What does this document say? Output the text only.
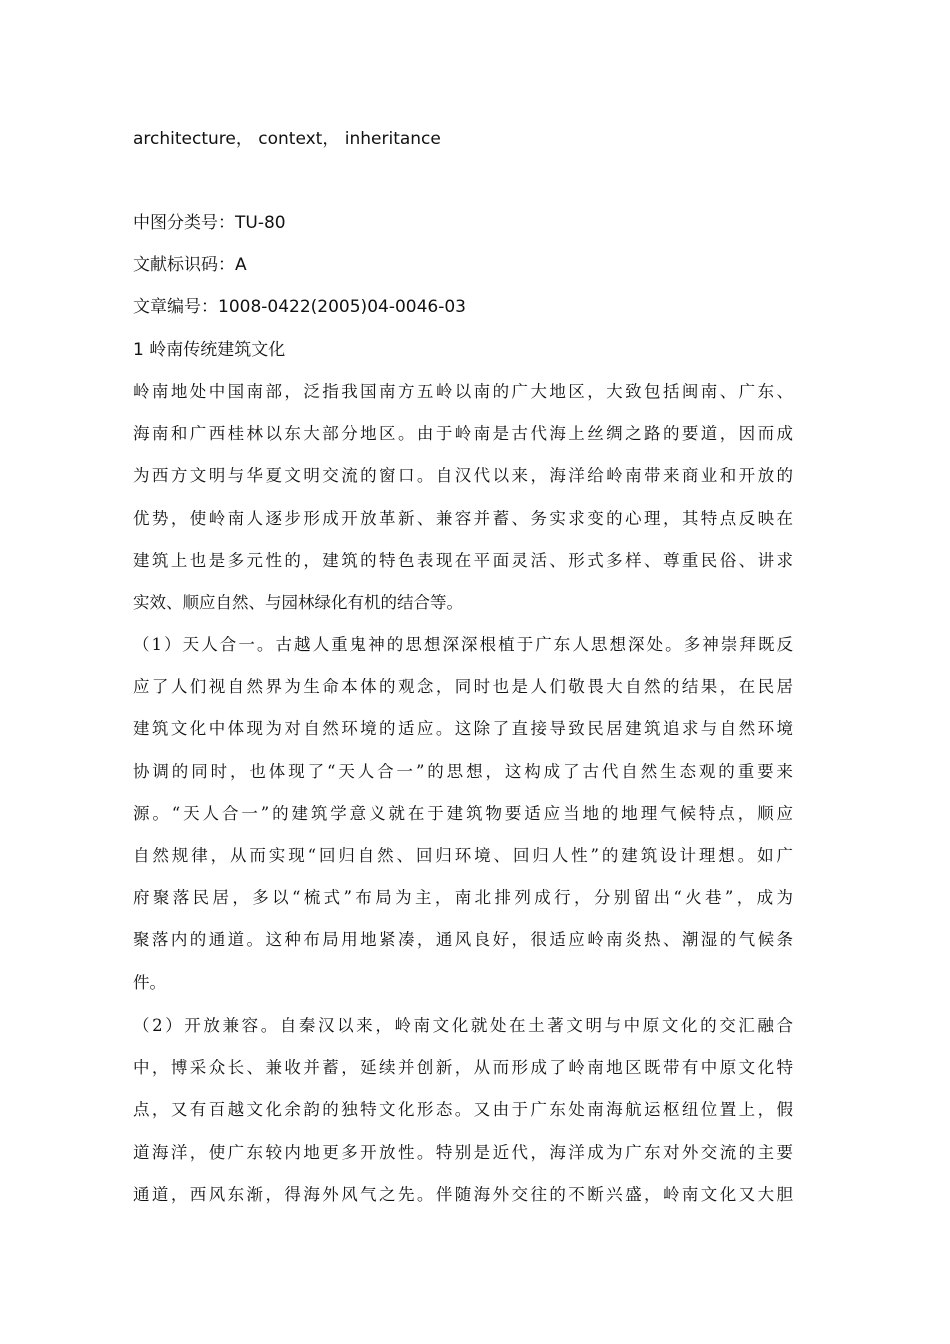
architecture， context， inheritance
中图分类号：TU-80
文献标识码：A
文章编号：1008-0422(2005)04-0046-03
1 岭南传统建筑文化
岭南地处中国南部，泛指我国南方五岭以南的广大地区，大致包括闽南、广东、
海南和广西桂林以东大部分地区。由于岭南是古代海上丝绸之路的要道，因而成
为西方文明与华夏文明交流的窗口。自汉代以来，海洋给岭南带来商业和开放的
优势，使岭南人逐步形成开放革新、兼容并蓄、务实求变的心理，其特点反映在
建筑上也是多元性的，建筑的特色表现在平面灵活、形式多样、尊重民俗、讲求
实效、顺应自然、与园林绿化有机的结合等。
（1）天人合一。古越人重鬼神的思想深深根植于广东人思想深处。多神崇拜既反
应了人们视自然界为生命本体的观念，同时也是人们敬畏大自然的结果，在民居
建筑文化中体现为对自然环境的适应。这除了直接导致民居建筑追求与自然环境
协调的同时，也体现了“天人合一”的思想，这构成了古代自然生态观的重要来
源。“天人合一”的建筑学意义就在于建筑物要适应当地的地理气候特点，顺应
自然规律，从而实现“回归自然、回归环境、回归人性”的建筑设计理想。如广
府聚落民居，多以“梳式”布局为主，南北排列成行，分别留出“火巷”，成为
聚落内的通道。这种布局用地紧凑，通风良好，很适应岭南炎热、潮湿的气候条
件。
（2）开放兼容。自秦汉以来，岭南文化就处在土著文明与中原文化的交汇融合
中，博采众长、兼收并蓄，延续并创新，从而形成了岭南地区既带有中原文化特
点，又有百越文化余韵的独特文化形态。又由于广东处南海航运枢纽位置上，假
道海洋，使广东较内地更多开放性。特别是近代，海洋成为广东对外交流的主要
通道，西风东渐，得海外风气之先。伴随海外交往的不断兴盛，岭南文化又大胆
